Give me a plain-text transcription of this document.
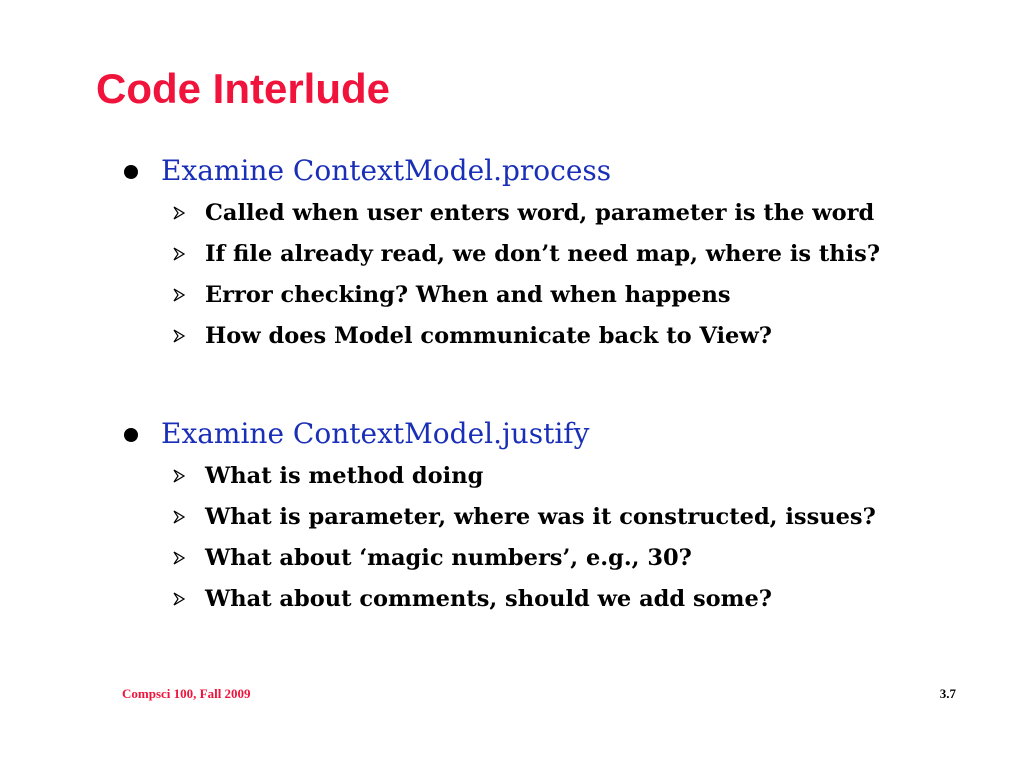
Code Interlude
Examine ContextModel.process
Called when user enters word, parameter is the word
If file already read, we don’t need map, where is this?
Error checking? When and when happens
How does Model communicate back to View?
Examine ContextModel.justify
What is method doing
What is parameter, where was it constructed, issues?
What about ‘magic numbers’, e.g., 30?
What about comments, should we add some?
Compsci 100, Fall 2009	3.7
